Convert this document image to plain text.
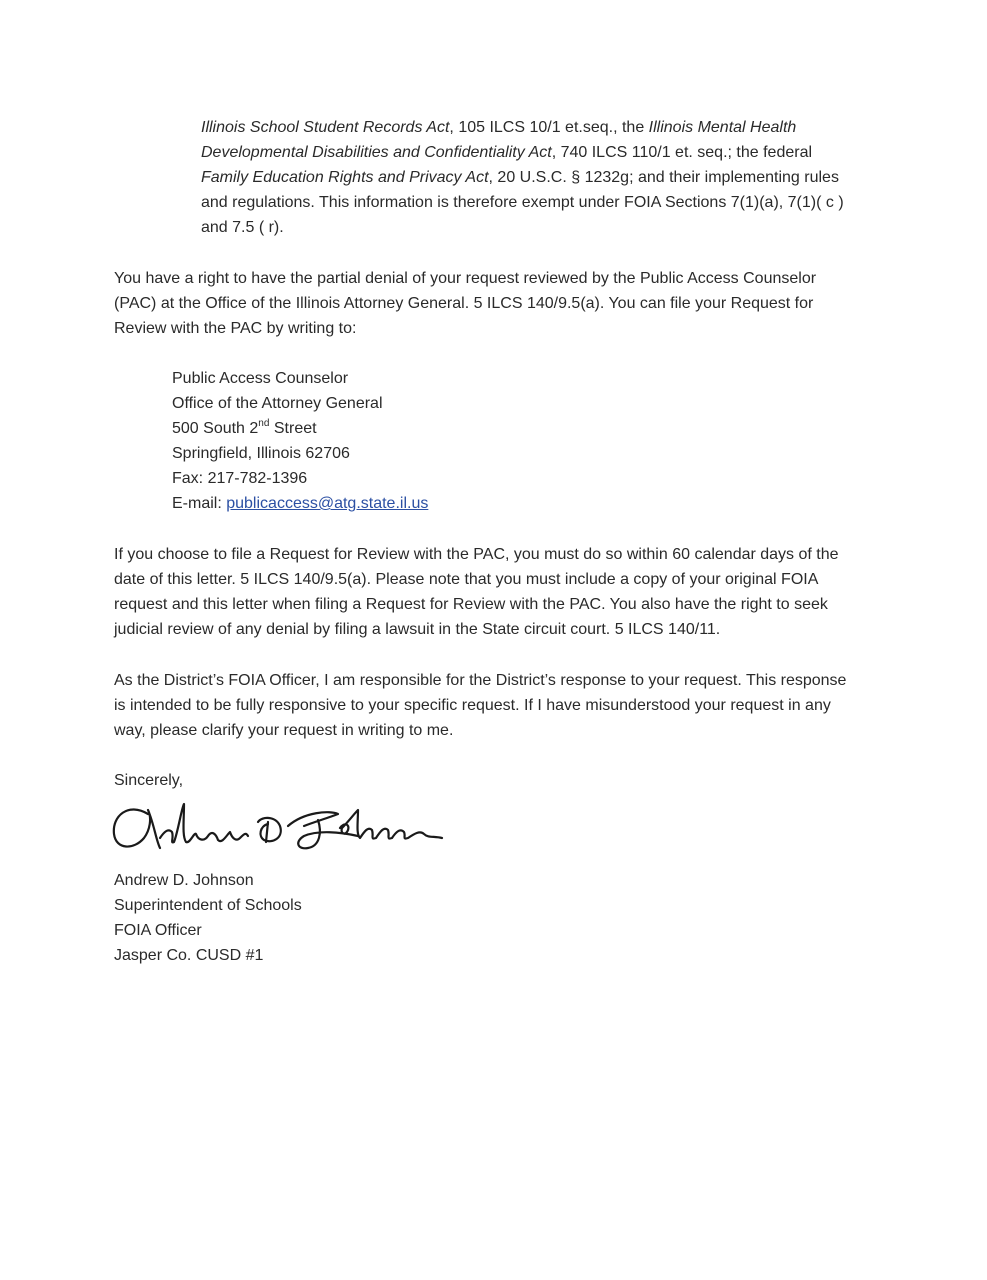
Illinois School Student Records Act, 105 ILCS 10/1 et.seq., the Illinois Mental Health
Developmental Disabilities and Confidentiality Act, 740 ILCS 110/1 et. seq.; the federal
Family Education Rights and Privacy Act, 20 U.S.C. § 1232g; and their implementing rules
and regulations. This information is therefore exempt under FOIA Sections 7(1)(a), 7(1)( c )
and 7.5 ( r).
You have a right to have the partial denial of your request reviewed by the Public Access Counselor
(PAC) at the Office of the Illinois Attorney General. 5 ILCS 140/9.5(a). You can file your Request for
Review with the PAC by writing to:
Public Access Counselor
Office of the Attorney General
500 South 2nd Street
Springfield, Illinois 62706
Fax: 217-782-1396
E-mail: publicaccess@atg.state.il.us
If you choose to file a Request for Review with the PAC, you must do so within 60 calendar days of the
date of this letter. 5 ILCS 140/9.5(a). Please note that you must include a copy of your original FOIA
request and this letter when filing a Request for Review with the PAC. You also have the right to seek
judicial review of any denial by filing a lawsuit in the State circuit court. 5 ILCS 140/11.
As the District’s FOIA Officer, I am responsible for the District’s response to your request. This response
is intended to be fully responsive to your specific request. If I have misunderstood your request in any
way, please clarify your request in writing to me.
Sincerely,
Andrew D. Johnson
Superintendent of Schools
FOIA Officer
Jasper Co. CUSD #1
